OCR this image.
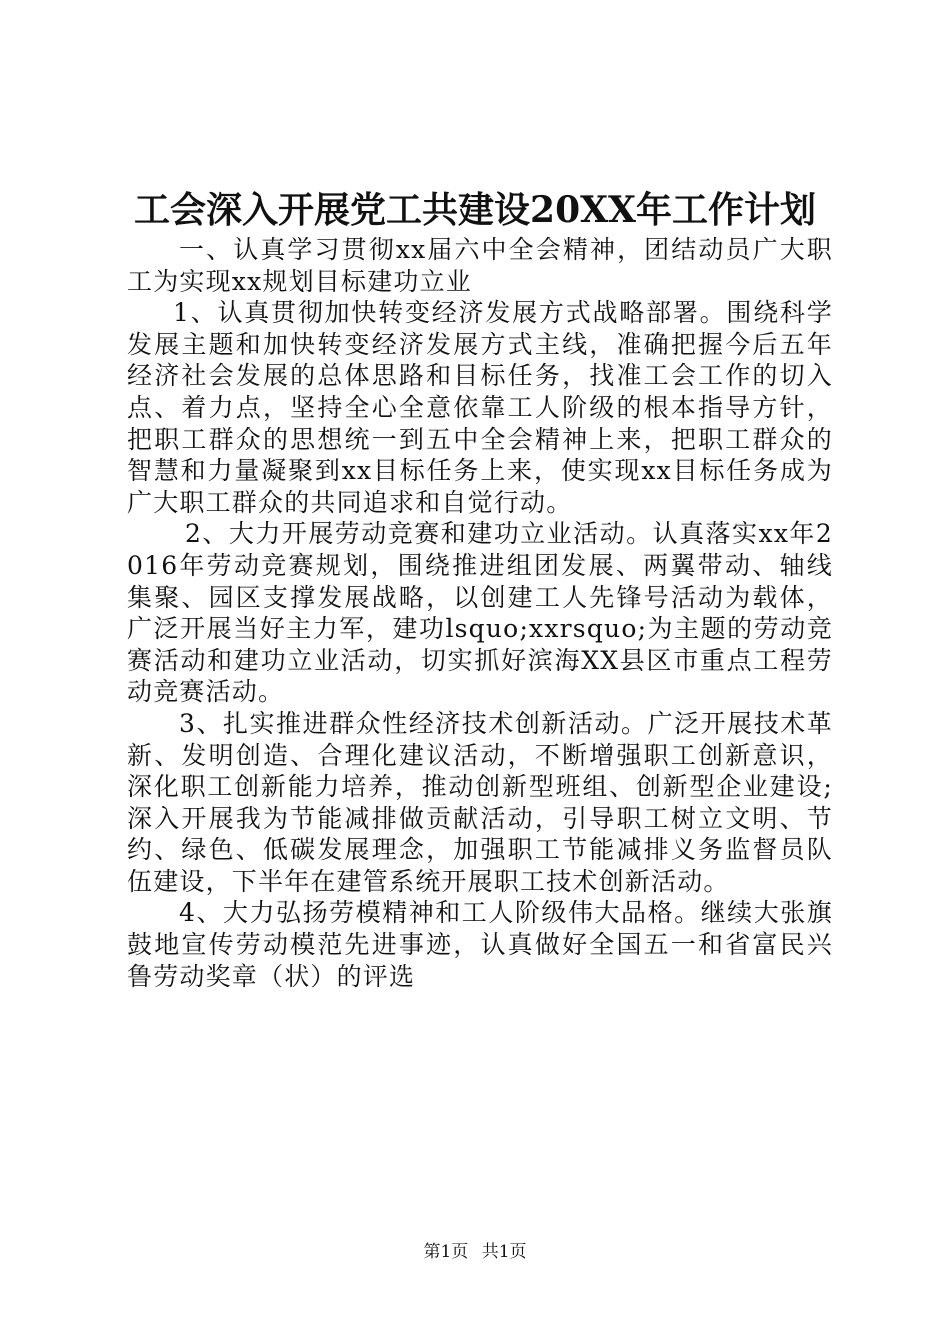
工会深入开展党工共建设20XX年工作计划

一、认真学习贯彻xx届六中全会精神，团结动员广大职工为实现xx规划目标建功立业

1、认真贯彻加快转变经济发展方式战略部署。围绕科学发展主题和加快转变经济发展方式主线，准确把握今后五年经济社会发展的总体思路和目标任务，找准工会工作的切入点、着力点，坚持全心全意依靠工人阶级的根本指导方针，把职工群众的思想统一到五中全会精神上来，把职工群众的智慧和力量凝聚到xx目标任务上来，使实现xx目标任务成为广大职工群众的共同追求和自觉行动。

2、大力开展劳动竞赛和建功立业活动。认真落实xx年2016年劳动竞赛规划，围绕推进组团发展、两翼带动、轴线集聚、园区支撑发展战略，以创建工人先锋号活动为载体，广泛开展当好主力军，建功lsquo;xxrsquo;为主题的劳动竞赛活动和建功立业活动，切实抓好滨海XX县区市重点工程劳动竞赛活动。

3、扎实推进群众性经济技术创新活动。广泛开展技术革新、发明创造、合理化建议活动，不断增强职工创新意识，深化职工创新能力培养，推动创新型班组、创新型企业建设;深入开展我为节能减排做贡献活动，引导职工树立文明、节约、绿色、低碳发展理念，加强职工节能减排义务监督员队伍建设，下半年在建管系统开展职工技术创新活动。

4、大力弘扬劳模精神和工人阶级伟大品格。继续大张旗鼓地宣传劳动模范先进事迹，认真做好全国五一和省富民兴鲁劳动奖章（状）的评选

第1页 共1页
